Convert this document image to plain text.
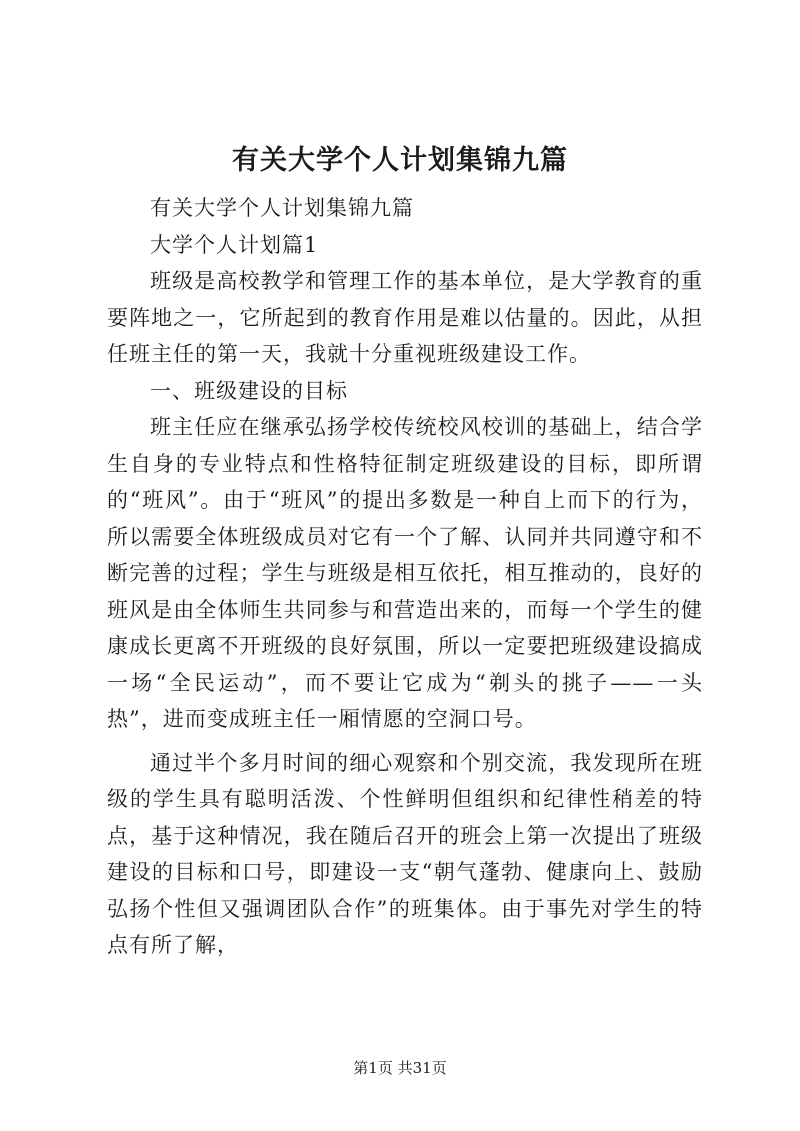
有关大学个人计划集锦九篇

有关大学个人计划集锦九篇

大学个人计划篇1

班级是高校教学和管理工作的基本单位，是大学教育的重要阵地之一，它所起到的教育作用是难以估量的。因此，从担任班主任的第一天，我就十分重视班级建设工作。

一、班级建设的目标

班主任应在继承弘扬学校传统校风校训的基础上，结合学生自身的专业特点和性格特征制定班级建设的目标，即所谓的“班风”。由于“班风”的提出多数是一种自上而下的行为，所以需要全体班级成员对它有一个了解、认同并共同遵守和不断完善的过程；学生与班级是相互依托，相互推动的，良好的班风是由全体师生共同参与和营造出来的，而每一个学生的健康成长更离不开班级的良好氛围，所以一定要把班级建设搞成一场“全民运动”，而不要让它成为“剃头的挑子——一头热”，进而变成班主任一厢情愿的空洞口号。

通过半个多月时间的细心观察和个别交流，我发现所在班级的学生具有聪明活泼、个性鲜明但组织和纪律性稍差的特点，基于这种情况，我在随后召开的班会上第一次提出了班级建设的目标和口号，即建设一支“朝气蓬勃、健康向上、鼓励弘扬个性但又强调团队合作”的班集体。由于事先对学生的特点有所了解，

第1页 共31页
